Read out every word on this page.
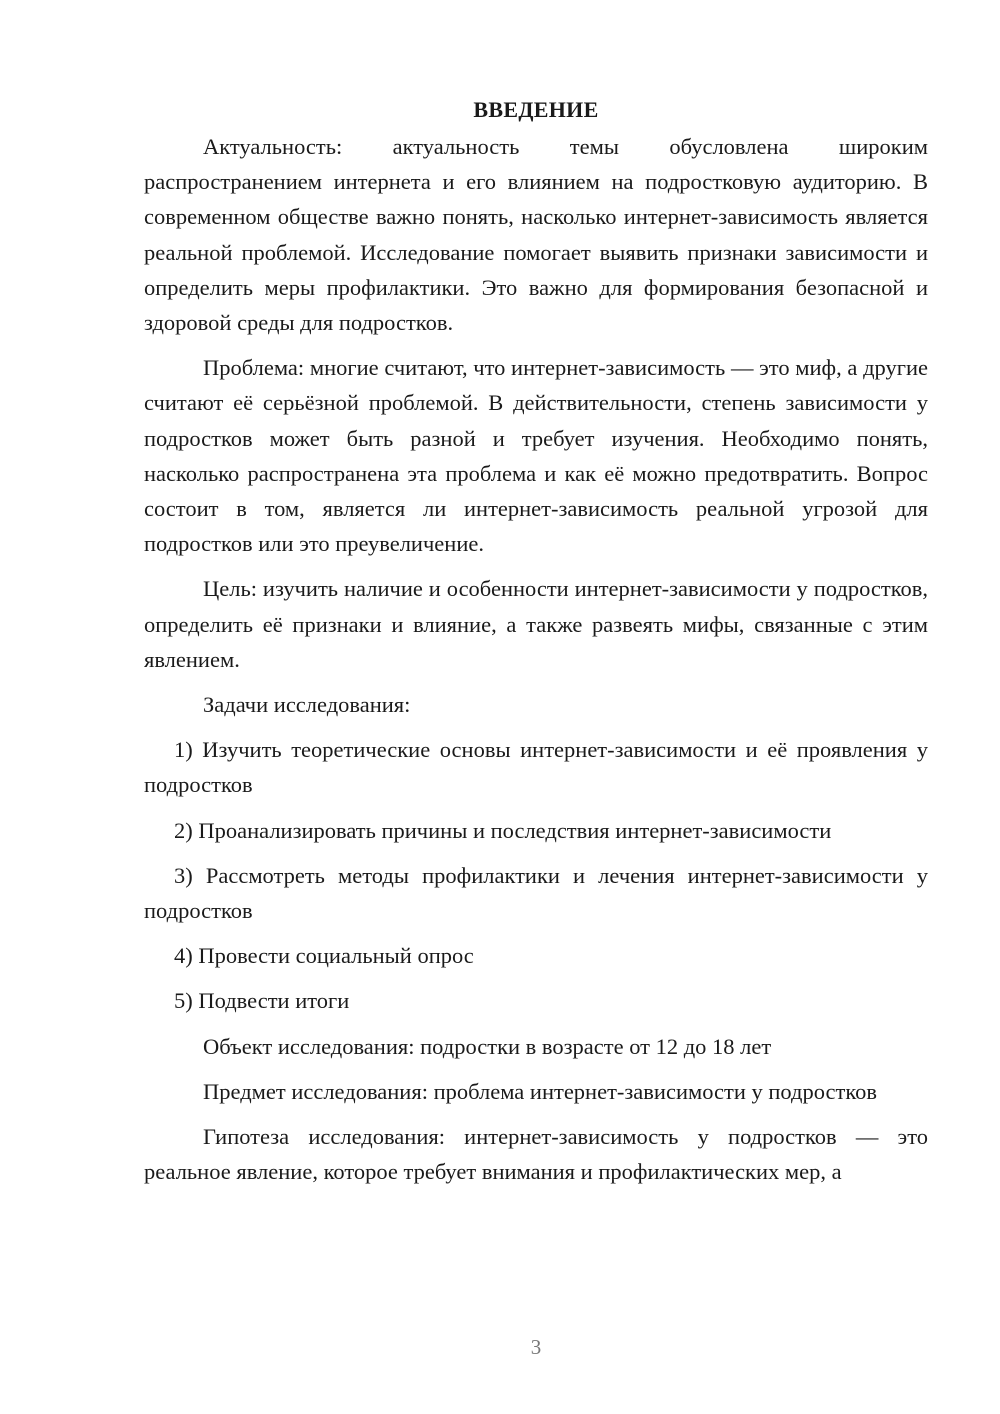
ВВЕДЕНИЕ

Актуальность: актуальность темы обусловлена широким распространением интернета и его влиянием на подростковую аудиторию. В современном обществе важно понять, насколько интернет-зависимость является реальной проблемой. Исследование помогает выявить признаки зависимости и определить меры профилактики. Это важно для формирования безопасной и здоровой среды для подростков.

Проблема: многие считают, что интернет-зависимость — это миф, а другие считают её серьёзной проблемой. В действительности, степень зависимости у подростков может быть разной и требует изучения. Необходимо понять, насколько распространена эта проблема и как её можно предотвратить. Вопрос состоит в том, является ли интернет-зависимость реальной угрозой для подростков или это преувеличение.

Цель: изучить наличие и особенности интернет-зависимости у подростков, определить её признаки и влияние, а также развеять мифы, связанные с этим явлением.

Задачи исследования:

1) Изучить теоретические основы интернет-зависимости и её проявления у подростков

2) Проанализировать причины и последствия интернет-зависимости

3) Рассмотреть методы профилактики и лечения интернет-зависимости у подростков

4) Провести социальный опрос

5) Подвести итоги

Объект исследования: подростки в возрасте от 12 до 18 лет

Предмет исследования: проблема интернет-зависимости у подростков

Гипотеза исследования: интернет-зависимость у подростков — это реальное явление, которое требует внимания и профилактических мер, а

3
